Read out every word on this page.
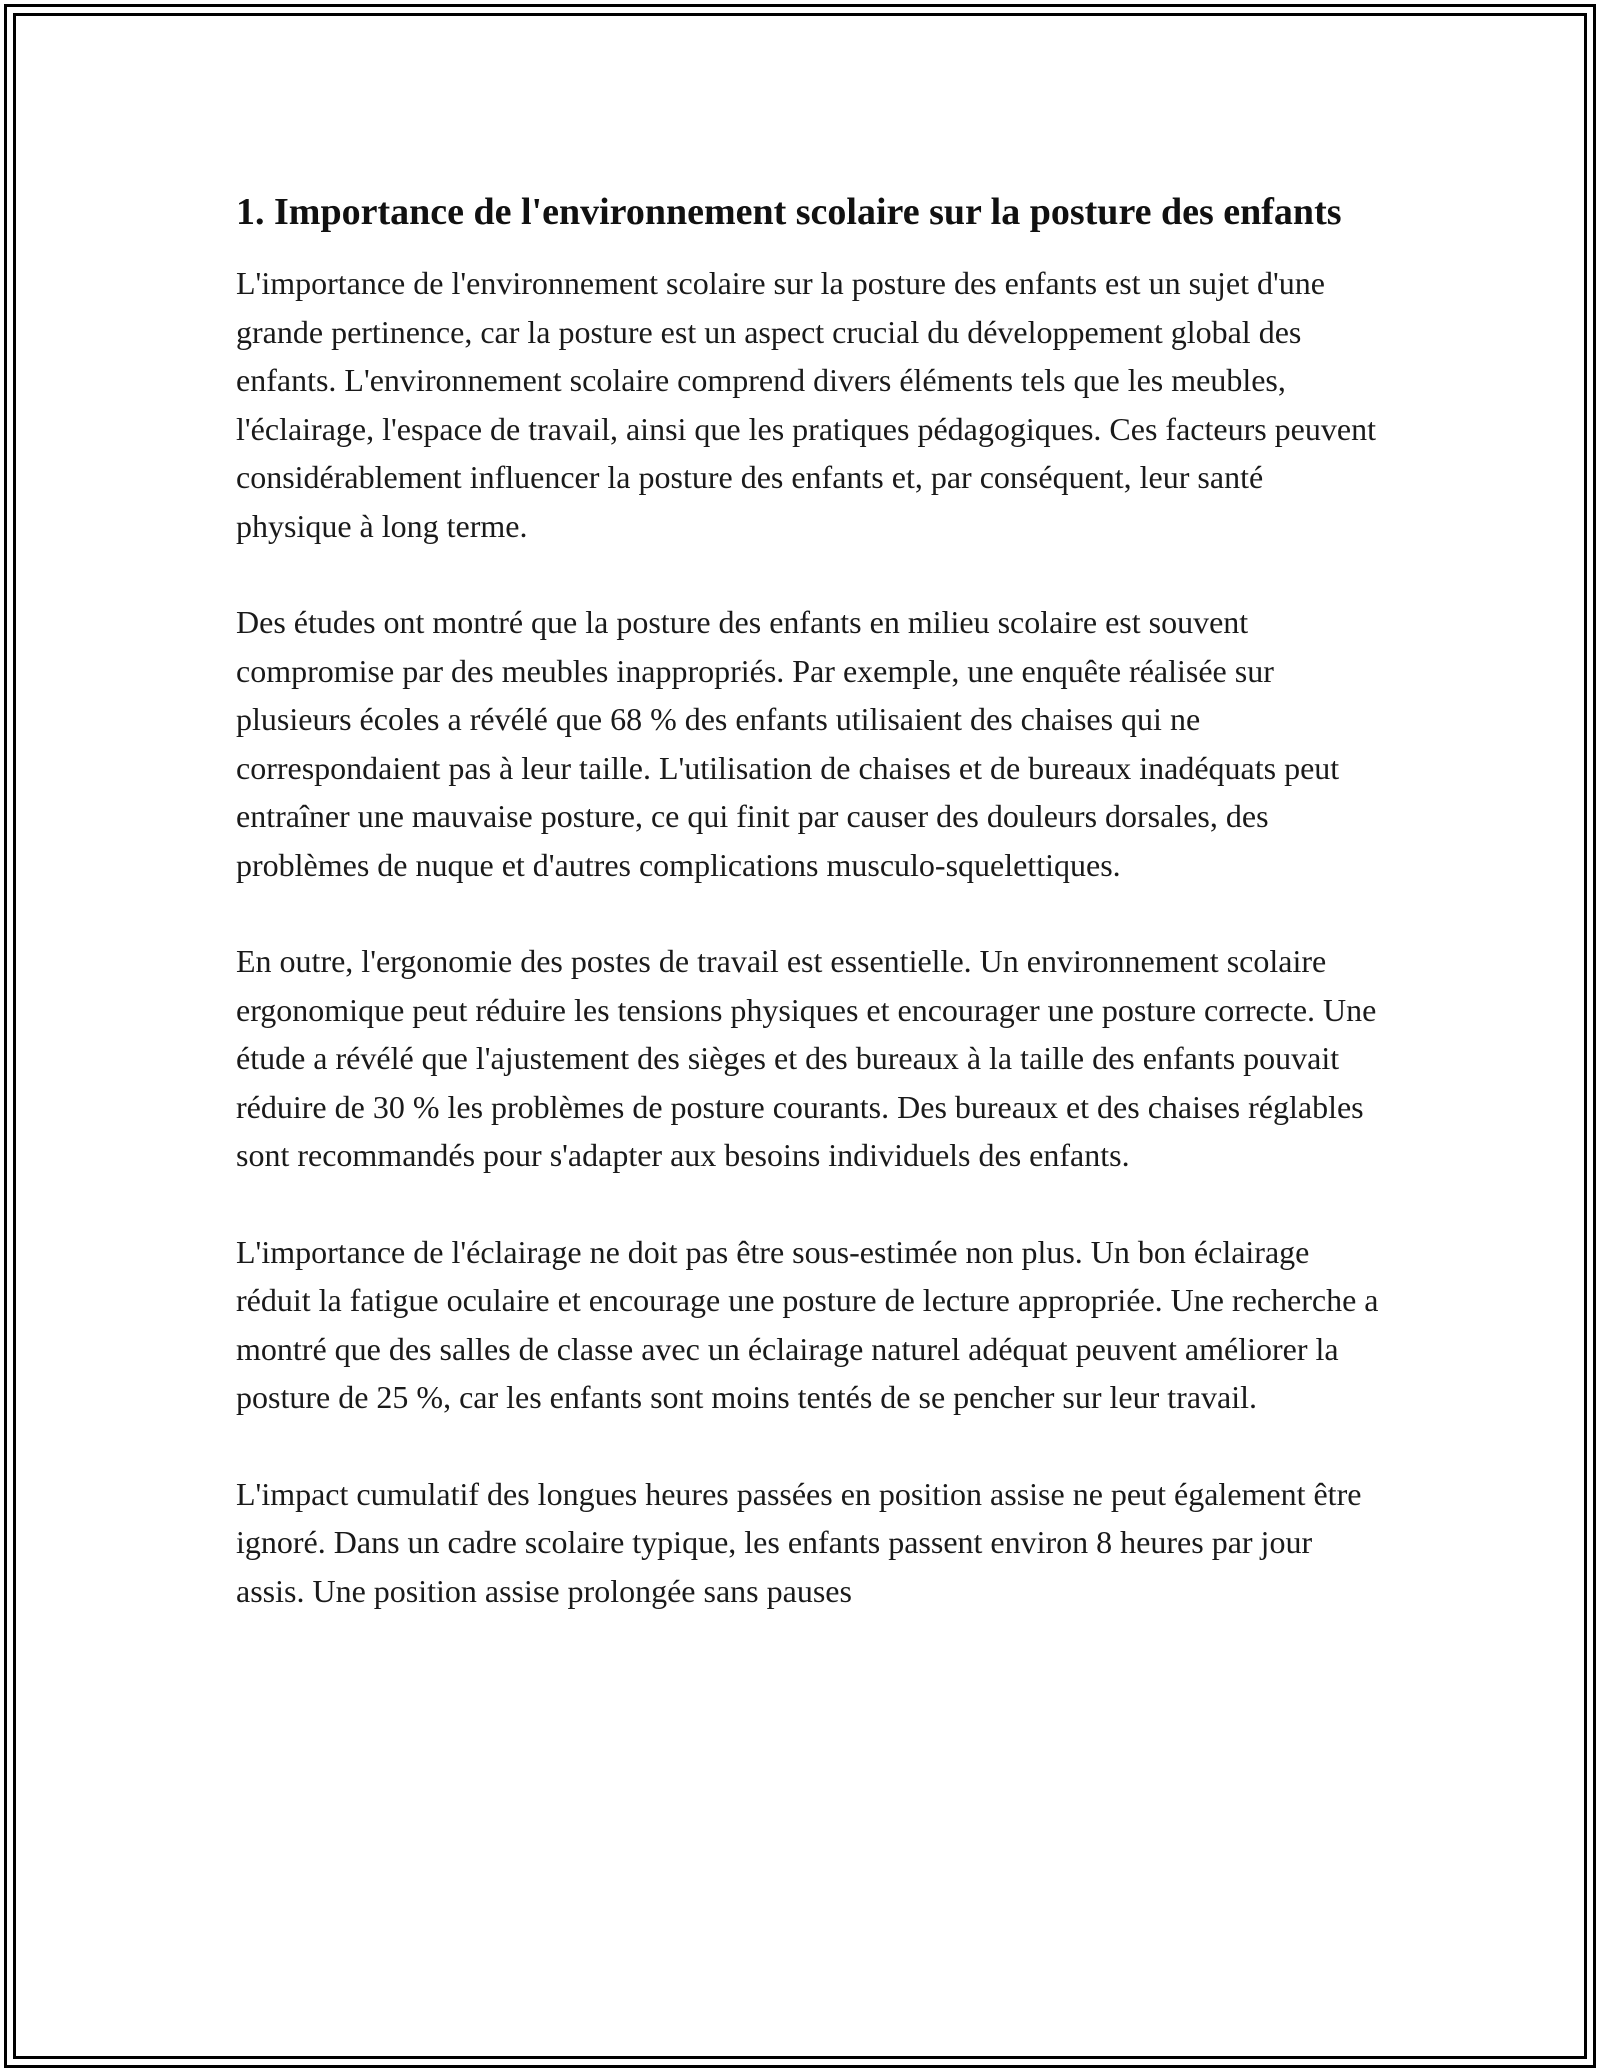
1. Importance de l'environnement scolaire sur la posture des enfants

L'importance de l'environnement scolaire sur la posture des enfants est un sujet d'une grande pertinence, car la posture est un aspect crucial du développement global des enfants. L'environnement scolaire comprend divers éléments tels que les meubles, l'éclairage, l'espace de travail, ainsi que les pratiques pédagogiques. Ces facteurs peuvent considérablement influencer la posture des enfants et, par conséquent, leur santé physique à long terme.

Des études ont montré que la posture des enfants en milieu scolaire est souvent compromise par des meubles inappropriés. Par exemple, une enquête réalisée sur plusieurs écoles a révélé que 68 % des enfants utilisaient des chaises qui ne correspondaient pas à leur taille. L'utilisation de chaises et de bureaux inadéquats peut entraîner une mauvaise posture, ce qui finit par causer des douleurs dorsales, des problèmes de nuque et d'autres complications musculo-squelettiques.

En outre, l'ergonomie des postes de travail est essentielle. Un environnement scolaire ergonomique peut réduire les tensions physiques et encourager une posture correcte. Une étude a révélé que l'ajustement des sièges et des bureaux à la taille des enfants pouvait réduire de 30 % les problèmes de posture courants. Des bureaux et des chaises réglables sont recommandés pour s'adapter aux besoins individuels des enfants.

L'importance de l'éclairage ne doit pas être sous-estimée non plus. Un bon éclairage réduit la fatigue oculaire et encourage une posture de lecture appropriée. Une recherche a montré que des salles de classe avec un éclairage naturel adéquat peuvent améliorer la posture de 25 %, car les enfants sont moins tentés de se pencher sur leur travail.

L'impact cumulatif des longues heures passées en position assise ne peut également être ignoré. Dans un cadre scolaire typique, les enfants passent environ 8 heures par jour assis. Une position assise prolongée sans pauses
